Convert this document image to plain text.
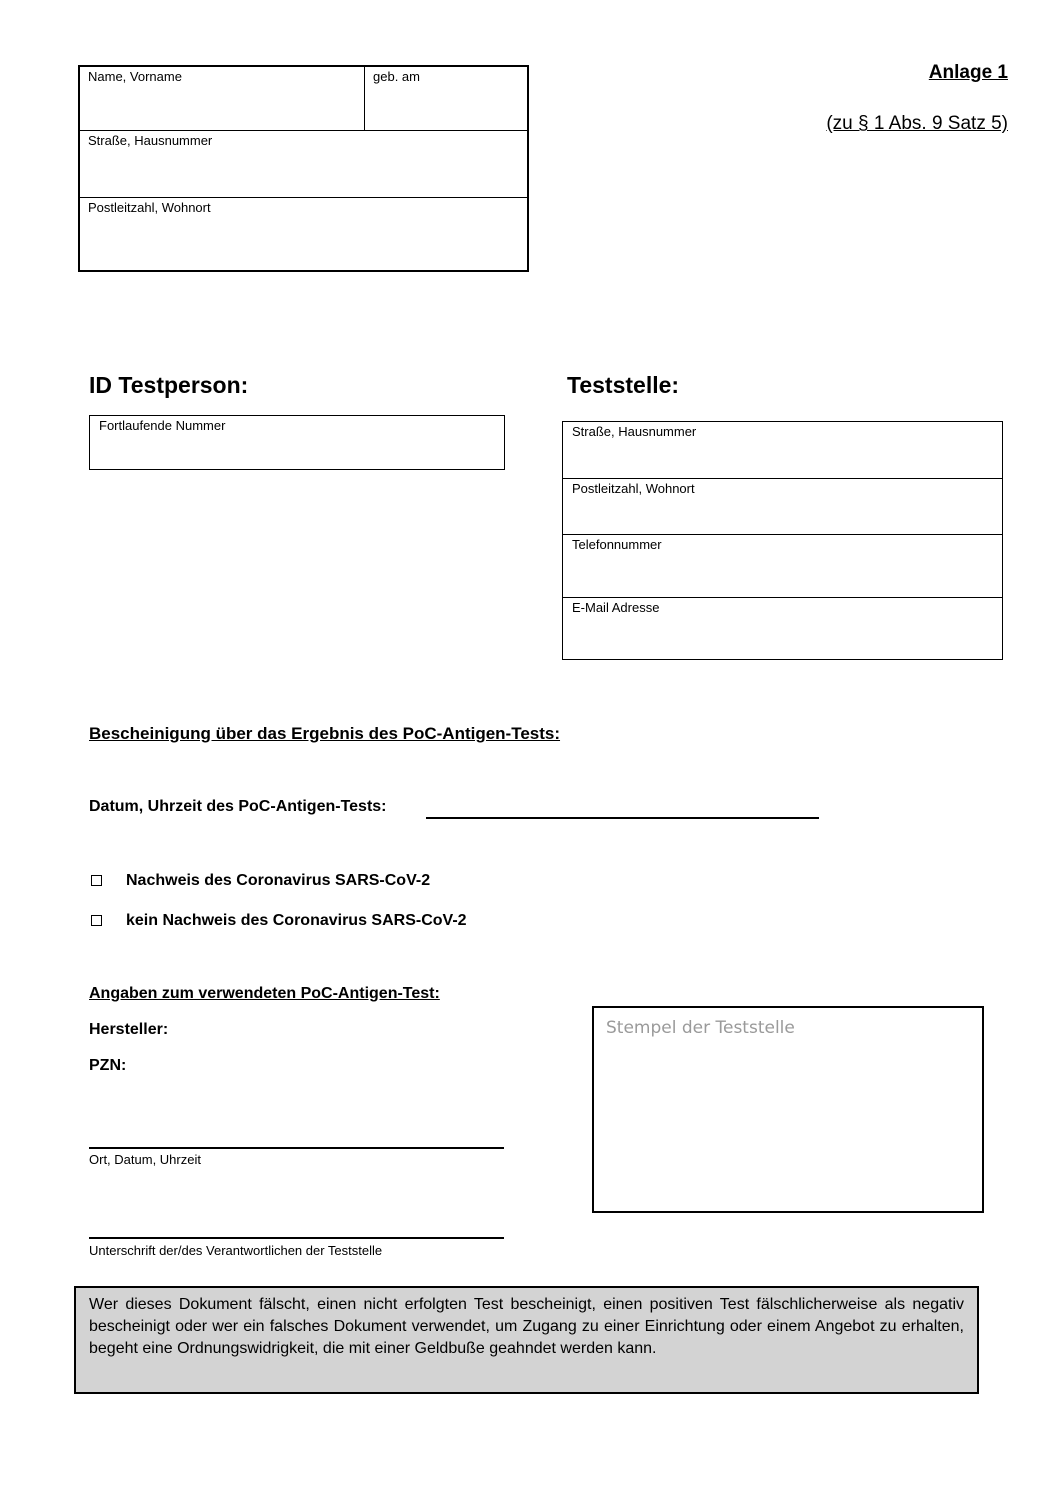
Name, Vorname	geb. am
Straße, Hausnummer
Postleitzahl, Wohnort
Anlage 1
(zu § 1 Abs. 9 Satz 5)
ID Testperson:
Fortlaufende Nummer
Teststelle:
Straße, Hausnummer
Postleitzahl, Wohnort
Telefonnummer
E-Mail Adresse
Bescheinigung über das Ergebnis des PoC-Antigen-Tests:
Datum, Uhrzeit des PoC-Antigen-Tests:
Nachweis des Coronavirus SARS-CoV-2
kein Nachweis des Coronavirus SARS-CoV-2
Angaben zum verwendeten PoC-Antigen-Test:
Hersteller:
PZN:
Ort, Datum, Uhrzeit
Unterschrift der/des Verantwortlichen der Teststelle
Stempel der Teststelle
Wer dieses Dokument fälscht, einen nicht erfolgten Test bescheinigt, einen positiven Test fälschlicherweise als negativ bescheinigt oder wer ein falsches Dokument verwendet, um Zugang zu einer Einrichtung oder einem Angebot zu erhalten, begeht eine Ordnungswidrigkeit, die mit einer Geldbuße geahndet werden kann.
